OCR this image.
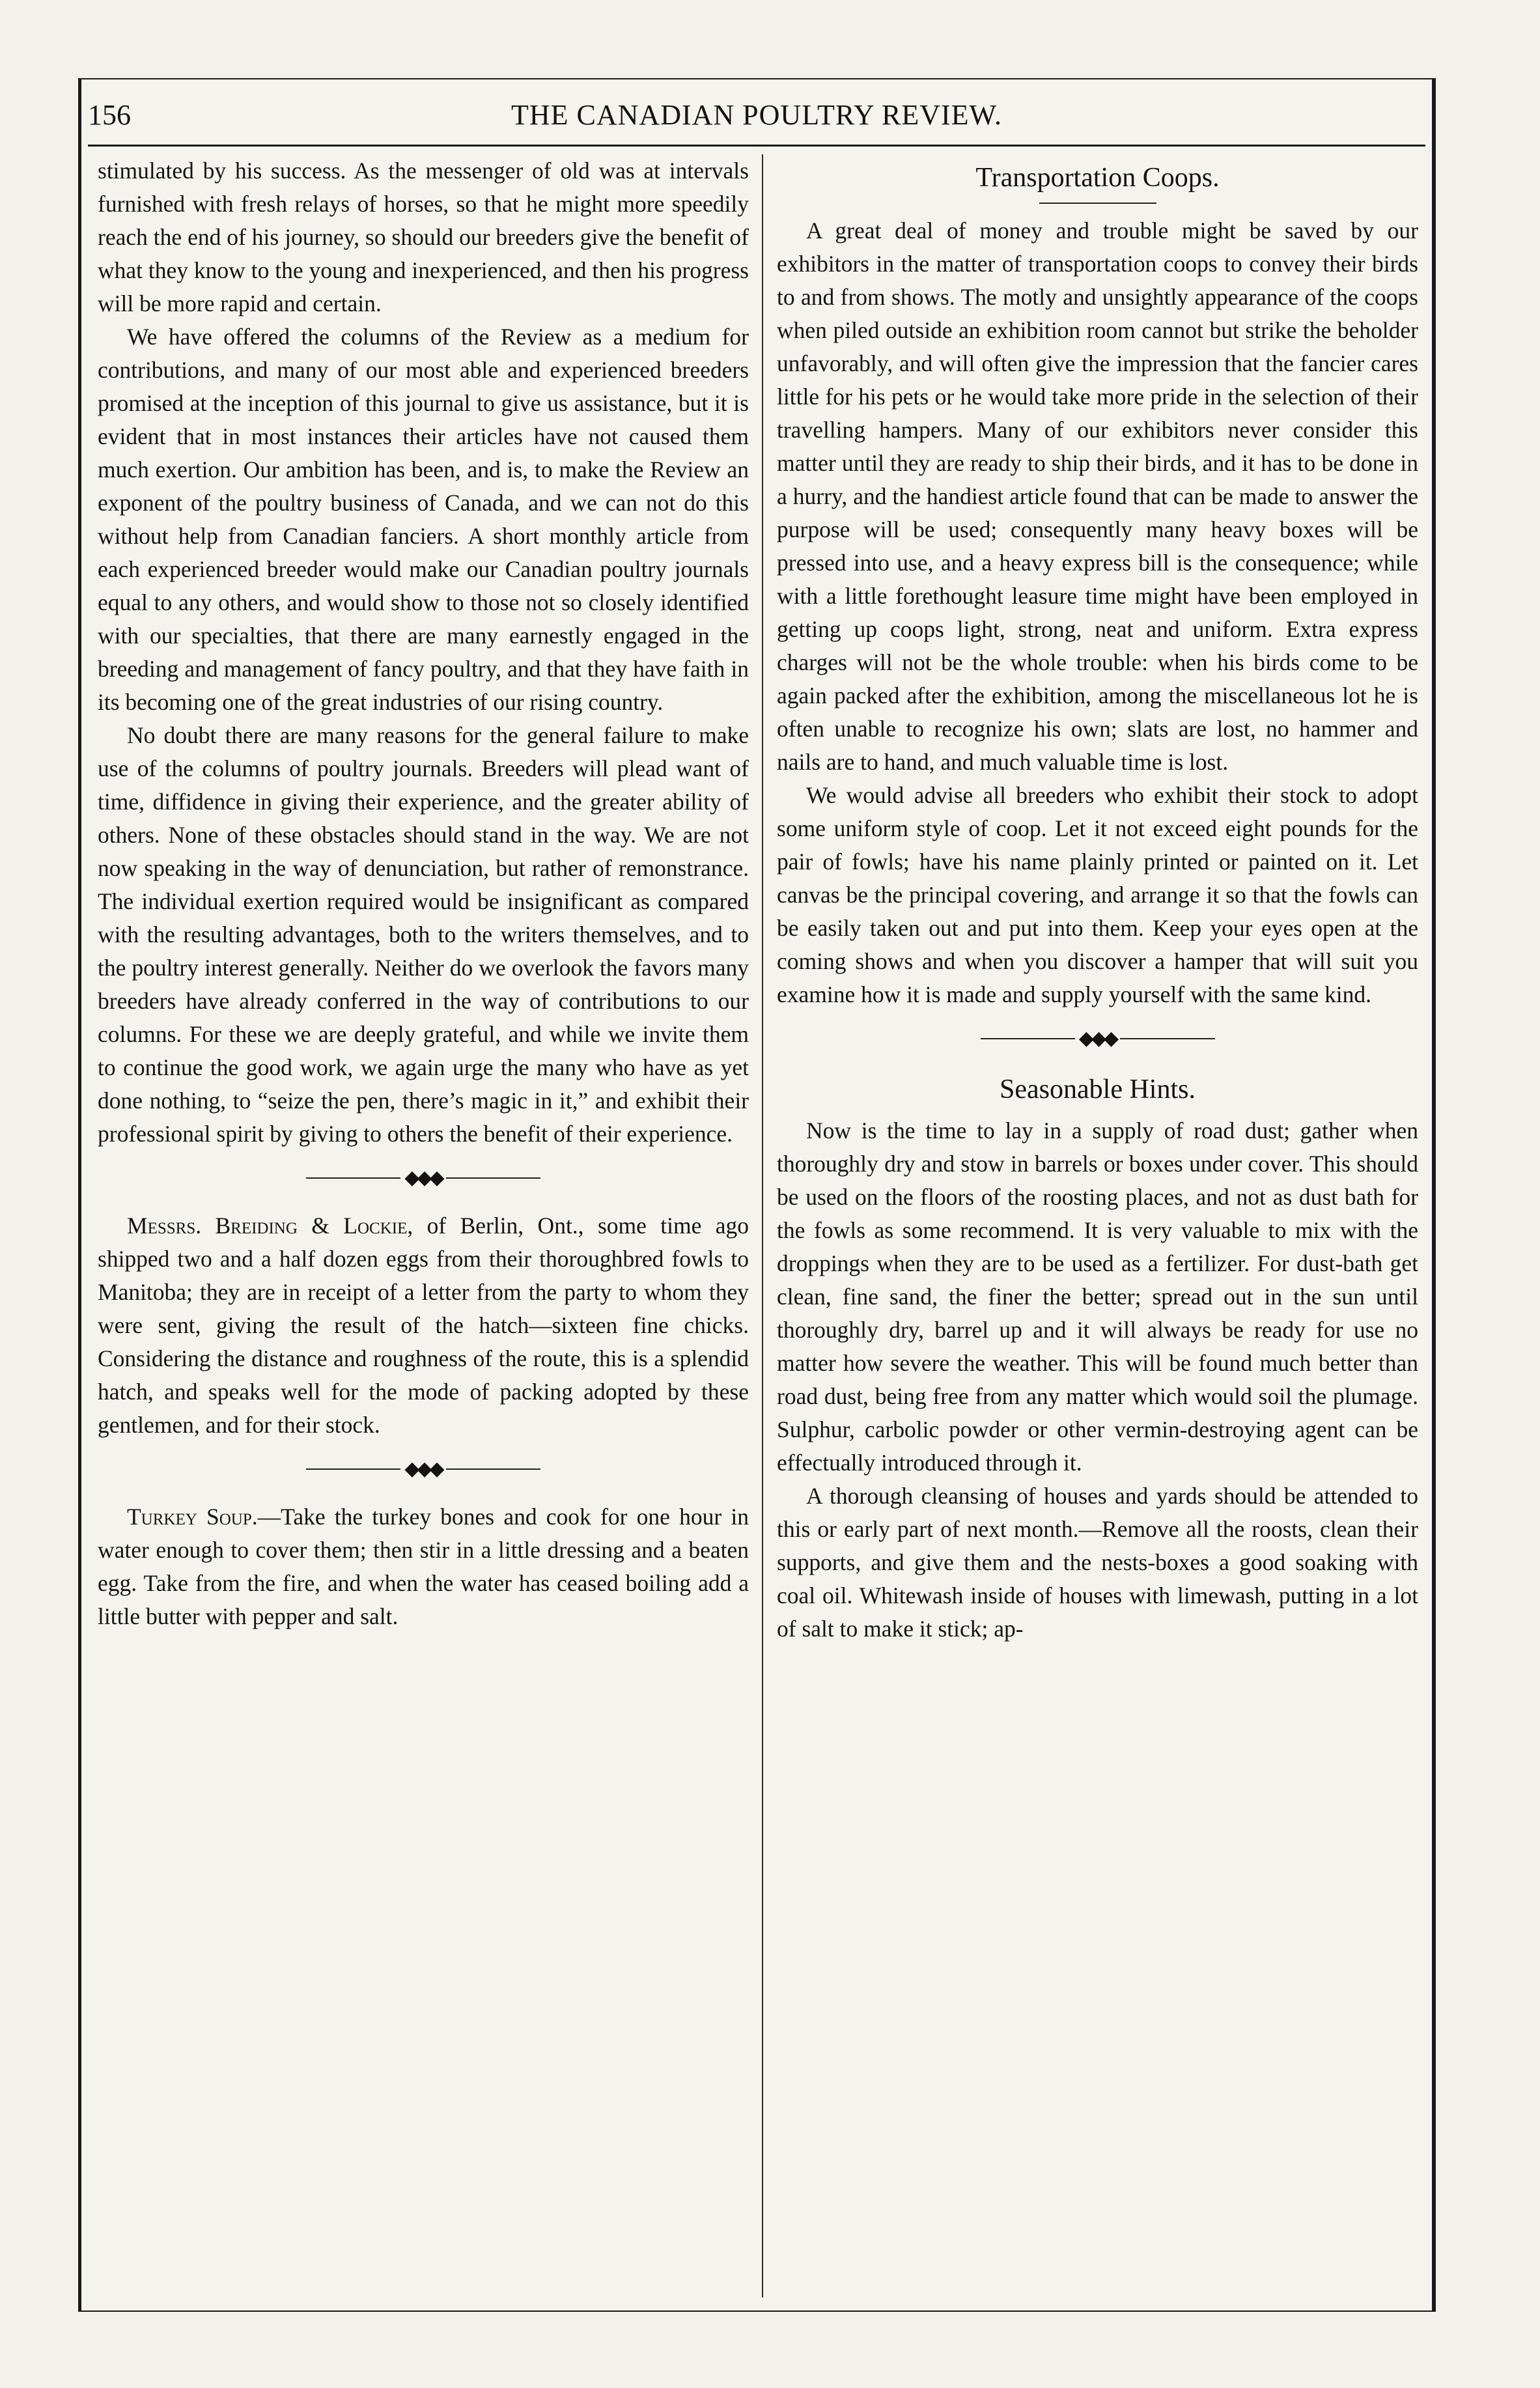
156	THE CANADIAN POULTRY REVIEW.

stimulated by his success. As the messenger of old was at intervals furnished with fresh relays of horses, so that he might more speedily reach the end of his journey, so should our breeders give the benefit of what they know to the young and inexperienced, and then his progress will be more rapid and certain.

We have offered the columns of the Review as a medium for contributions, and many of our most able and experienced breeders promised at the inception of this journal to give us assistance, but it is evident that in most instances their articles have not caused them much exertion. Our ambition has been, and is, to make the Review an exponent of the poultry business of Canada, and we can not do this without help from Canadian fanciers. A short monthly article from each experienced breeder would make our Canadian poultry journals equal to any others, and would show to those not so closely identified with our specialties, that there are many earnestly engaged in the breeding and management of fancy poultry, and that they have faith in its becoming one of the great industries of our rising country.

No doubt there are many reasons for the general failure to make use of the columns of poultry journals. Breeders will plead want of time, diffidence in giving their experience, and the greater ability of others. None of these obstacles should stand in the way. We are not now speaking in the way of denunciation, but rather of remonstrance. The individual exertion required would be insignificant as compared with the resulting advantages, both to the writers themselves, and to the poultry interest generally. Neither do we overlook the favors many breeders have already conferred in the way of contributions to our columns. For these we are deeply grateful, and while we invite them to continue the good work, we again urge the many who have as yet done nothing, to “seize the pen, there’s magic in it,” and exhibit their professional spirit by giving to others the benefit of their experience.

◆◆◆

Messrs. Breiding & Lockie, of Berlin, Ont., some time ago shipped two and a half dozen eggs from their thoroughbred fowls to Manitoba; they are in receipt of a letter from the party to whom they were sent, giving the result of the hatch—sixteen fine chicks. Considering the distance and roughness of the route, this is a splendid hatch, and speaks well for the mode of packing adopted by these gentlemen, and for their stock.

◆◆◆

Turkey Soup.—Take the turkey bones and cook for one hour in water enough to cover them; then stir in a little dressing and a beaten egg. Take from the fire, and when the water has ceased boiling add a little butter with pepper and salt.

Transportation Coops.

A great deal of money and trouble might be saved by our exhibitors in the matter of transportation coops to convey their birds to and from shows. The motly and unsightly appearance of the coops when piled outside an exhibition room cannot but strike the beholder unfavorably, and will often give the impression that the fancier cares little for his pets or he would take more pride in the selection of their travelling hampers. Many of our exhibitors never consider this matter until they are ready to ship their birds, and it has to be done in a hurry, and the handiest article found that can be made to answer the purpose will be used; consequently many heavy boxes will be pressed into use, and a heavy express bill is the consequence; while with a little forethought leasure time might have been employed in getting up coops light, strong, neat and uniform. Extra express charges will not be the whole trouble: when his birds come to be again packed after the exhibition, among the miscellaneous lot he is often unable to recognize his own; slats are lost, no hammer and nails are to hand, and much valuable time is lost.

We would advise all breeders who exhibit their stock to adopt some uniform style of coop. Let it not exceed eight pounds for the pair of fowls; have his name plainly printed or painted on it. Let canvas be the principal covering, and arrange it so that the fowls can be easily taken out and put into them. Keep your eyes open at the coming shows and when you discover a hamper that will suit you examine how it is made and supply yourself with the same kind.

◆◆◆
Seasonable Hints.

Now is the time to lay in a supply of road dust; gather when thoroughly dry and stow in barrels or boxes under cover. This should be used on the floors of the roosting places, and not as dust bath for the fowls as some recommend. It is very valuable to mix with the droppings when they are to be used as a fertilizer. For dust-bath get clean, fine sand, the finer the better; spread out in the sun until thoroughly dry, barrel up and it will always be ready for use no matter how severe the weather. This will be found much better than road dust, being free from any matter which would soil the plumage. Sulphur, carbolic powder or other vermin-destroying agent can be effectually introduced through it.

A thorough cleansing of houses and yards should be attended to this or early part of next month.—Remove all the roosts, clean their supports, and give them and the nests-boxes a good soaking with coal oil. Whitewash inside of houses with limewash, putting in a lot of salt to make it stick; ap-
